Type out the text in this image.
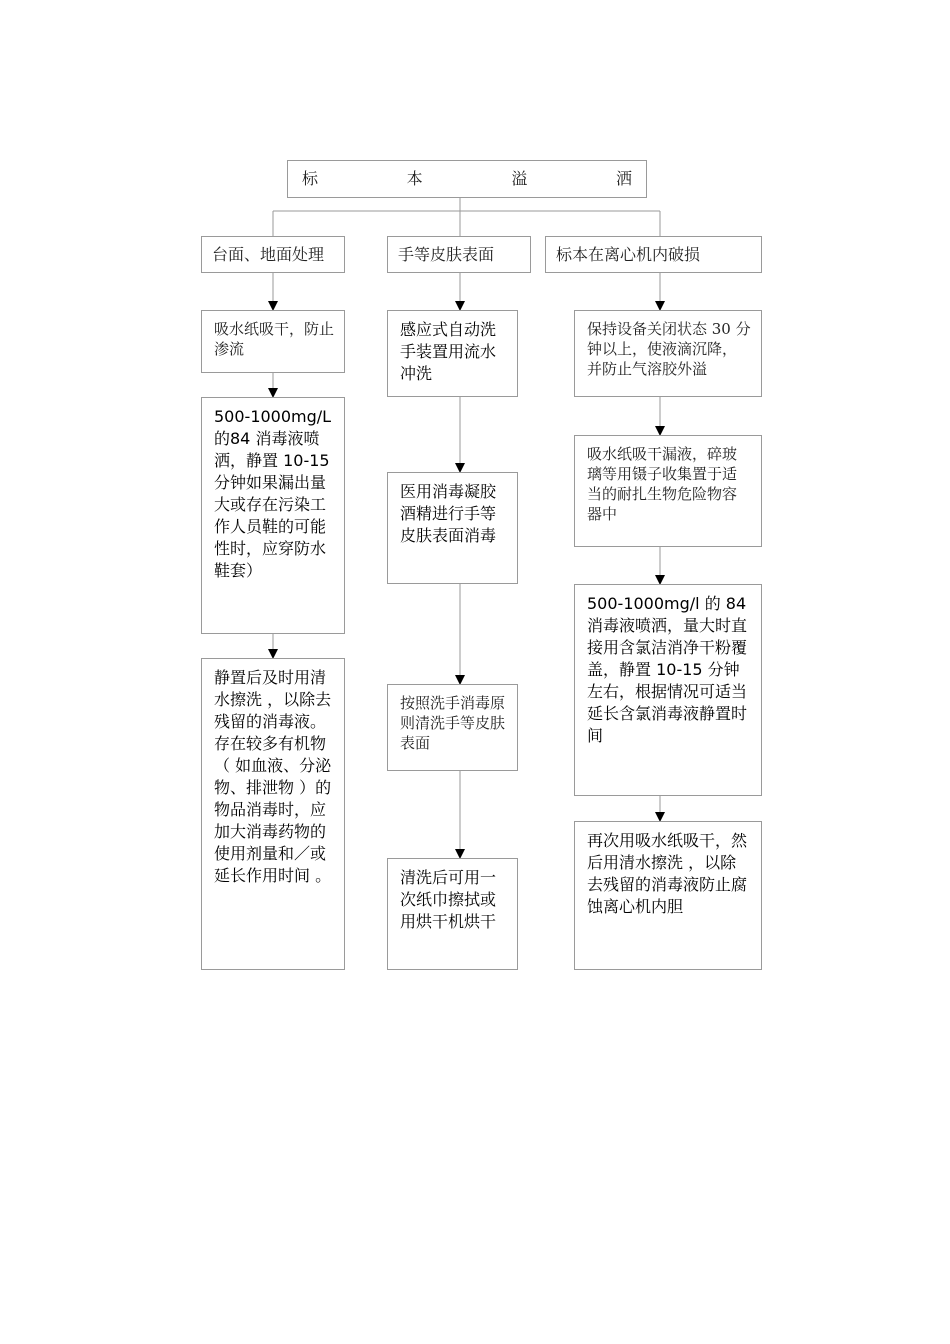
标	本	溢	洒
台面、地面处理	手等皮肤表面	标本在离心机内破损
吸水纸吸干，防止渗流
500-1000mg/L 的84 消毒液喷洒，静置 10-15 分钟如果漏出量大或存在污染工作人员鞋的可能性时，应穿防水鞋套）
静置后及时用清水擦洗 ，以除去残留的消毒液。存在较多有机物（ 如血液、分泌物、排泄物 ）的物品消毒时，应加大消毒药物的使用剂量和／或延长作用时间 。
感应式自动洗手装置用流水冲洗
医用消毒凝胶酒精进行手等皮肤表面消毒
按照洗手消毒原则清洗手等皮肤表面
清洗后可用一次纸巾擦拭或用烘干机烘干
保持设备关闭状态 30 分钟以上，使液滴沉降，并防止气溶胶外溢
吸水纸吸干漏液，碎玻璃等用镊子收集置于适当的耐扎生物危险物容器中
500-1000mg/l 的 84 消毒液喷洒，量大时直接用含氯洁消净干粉覆盖，静置 10-15 分钟左右，根据情况可适当延长含氯消毒液静置时间
再次用吸水纸吸干，然后用清水擦洗 ，以除去残留的消毒液防止腐蚀离心机内胆
